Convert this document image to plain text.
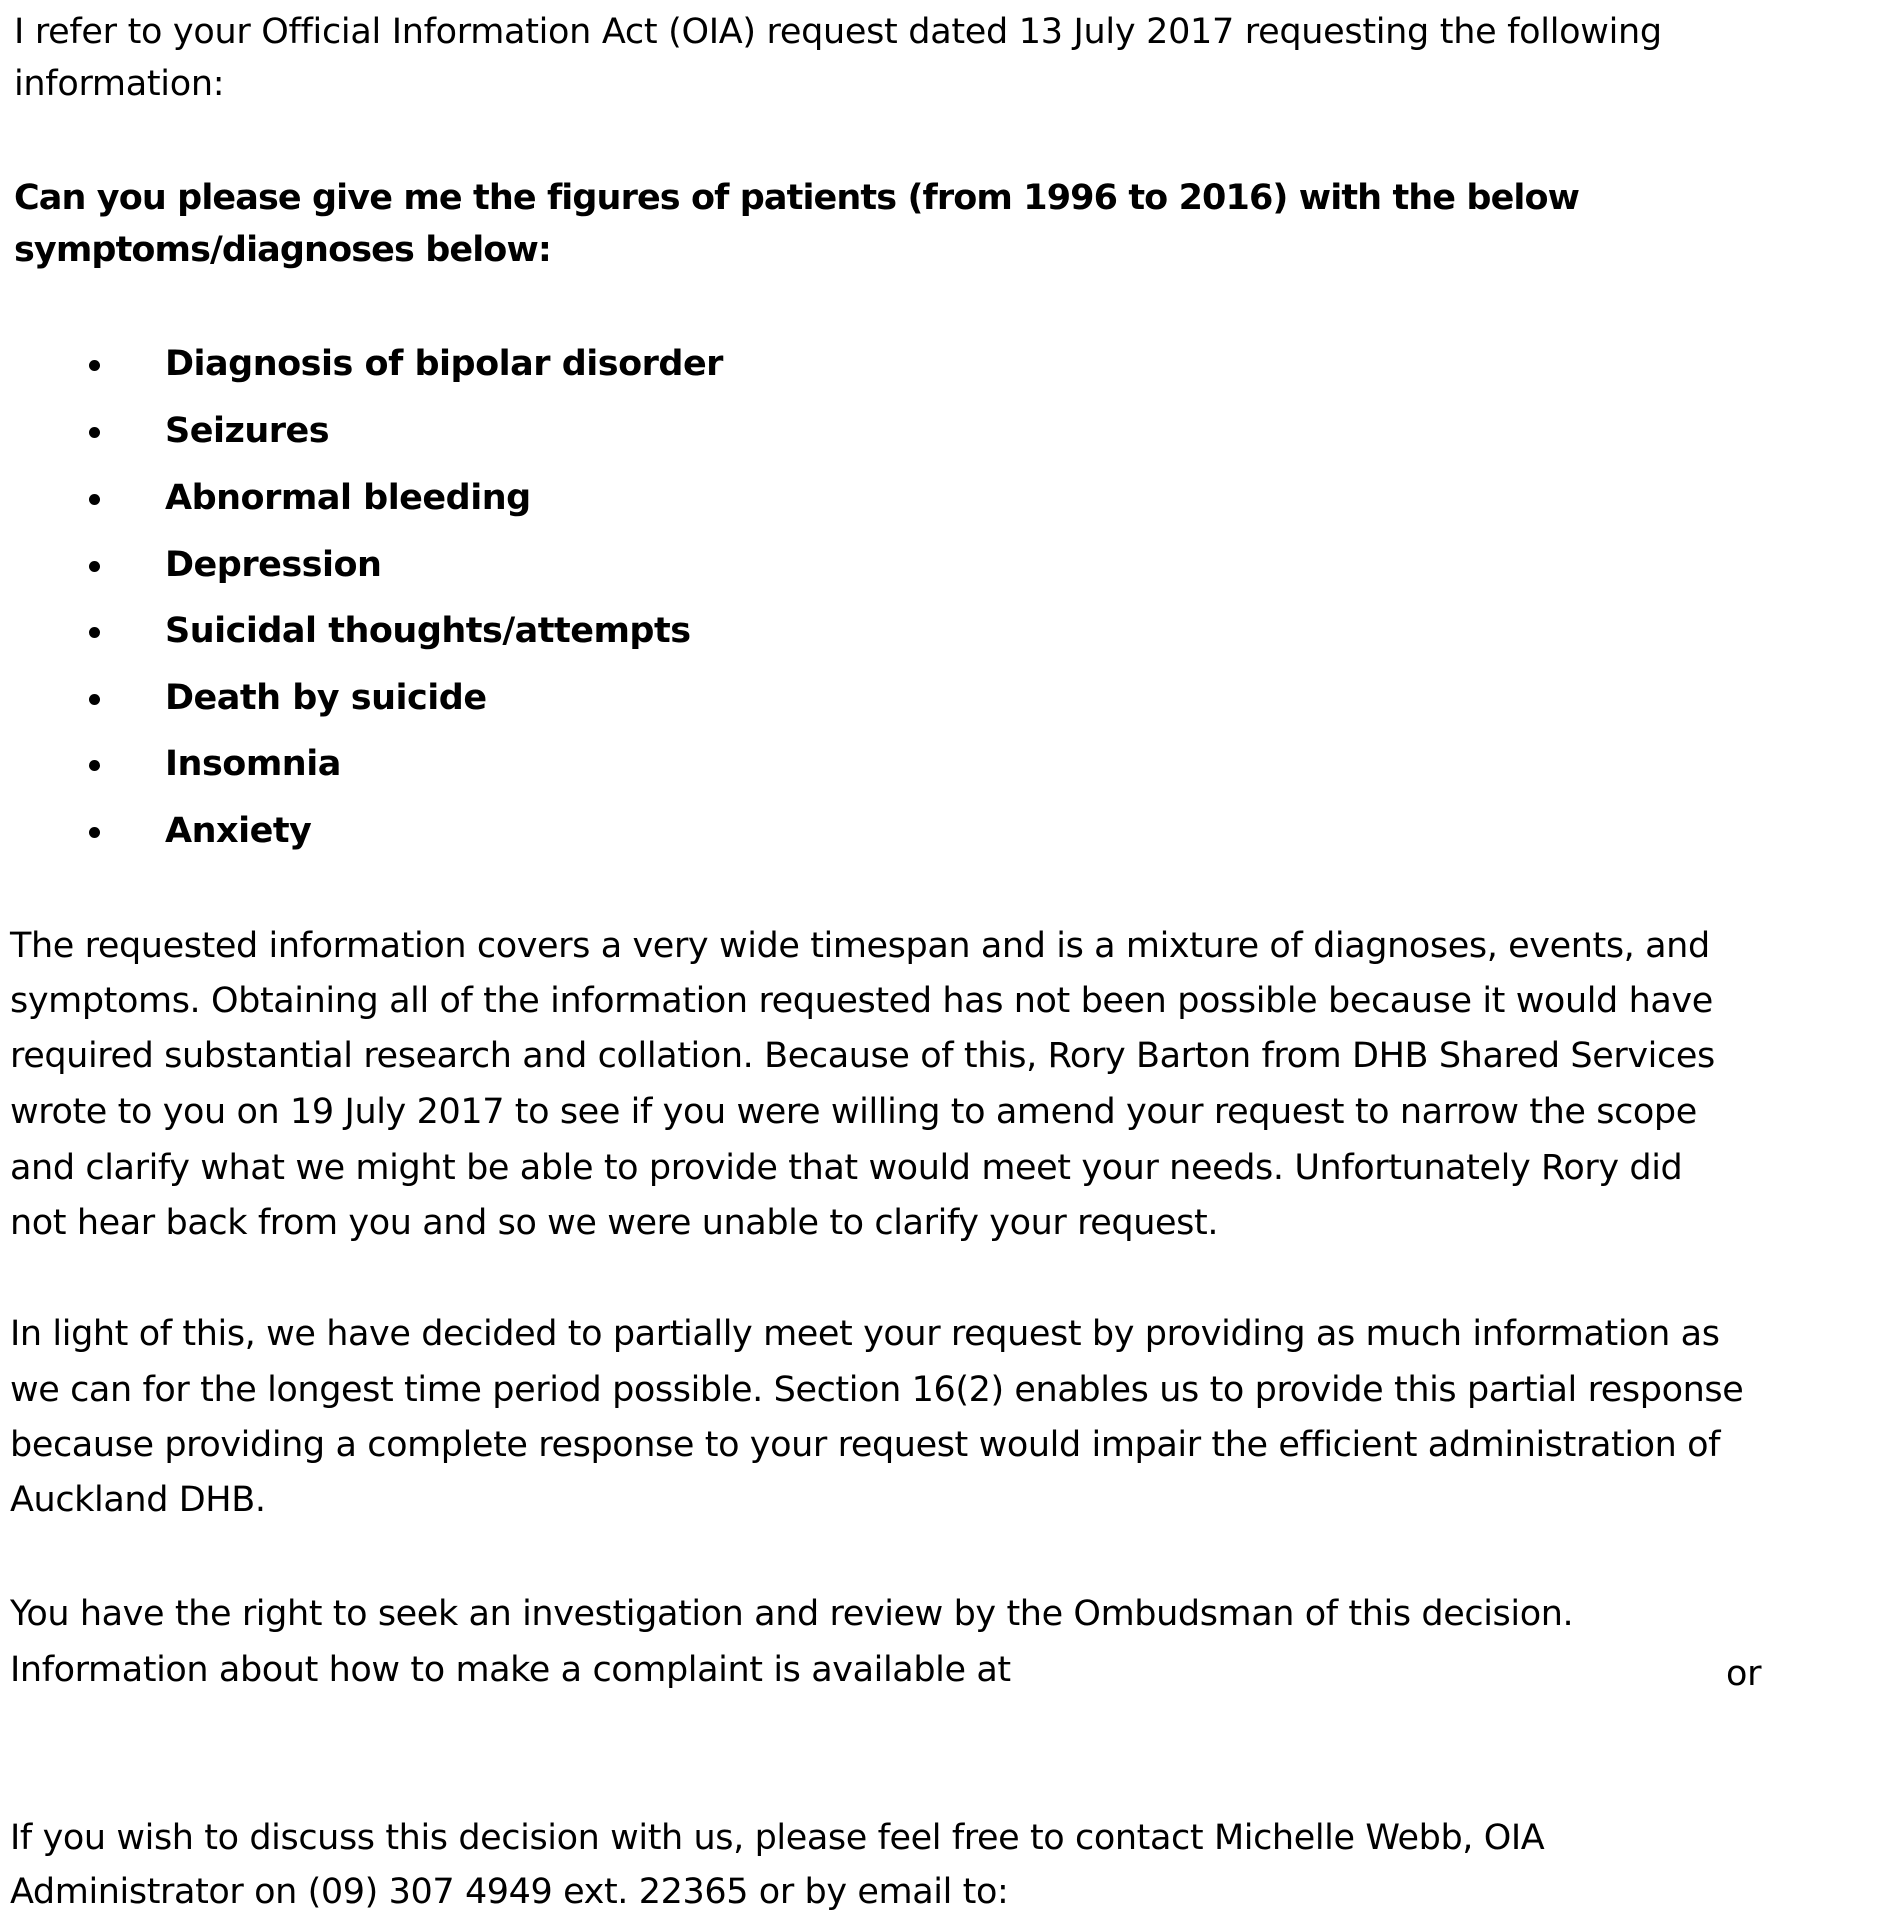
I refer to your Official Information Act (OIA) request dated 13 July 2017 requesting the following
information:
Can you please give me the figures of patients (from 1996 to 2016) with the below
symptoms/diagnoses below:
Diagnosis of bipolar disorder
Seizures
Abnormal bleeding
Depression
Suicidal thoughts/attempts
Death by suicide
Insomnia
Anxiety
The requested information covers a very wide timespan and is a mixture of diagnoses, events, and
symptoms. Obtaining all of the information requested has not been possible because it would have
required substantial research and collation. Because of this, Rory Barton from DHB Shared Services
wrote to you on 19 July 2017 to see if you were willing to amend your request to narrow the scope
and clarify what we might be able to provide that would meet your needs. Unfortunately Rory did
not hear back from you and so we were unable to clarify your request.
In light of this, we have decided to partially meet your request by providing as much information as
we can for the longest time period possible. Section 16(2) enables us to provide this partial response
because providing a complete response to your request would impair the efficient administration of
Auckland DHB.
You have the right to seek an investigation and review by the Ombudsman of this decision.
Information about how to make a complaint is available at	or
If you wish to discuss this decision with us, please feel free to contact Michelle Webb, OIA
Administrator on (09) 307 4949 ext. 22365 or by email to:
